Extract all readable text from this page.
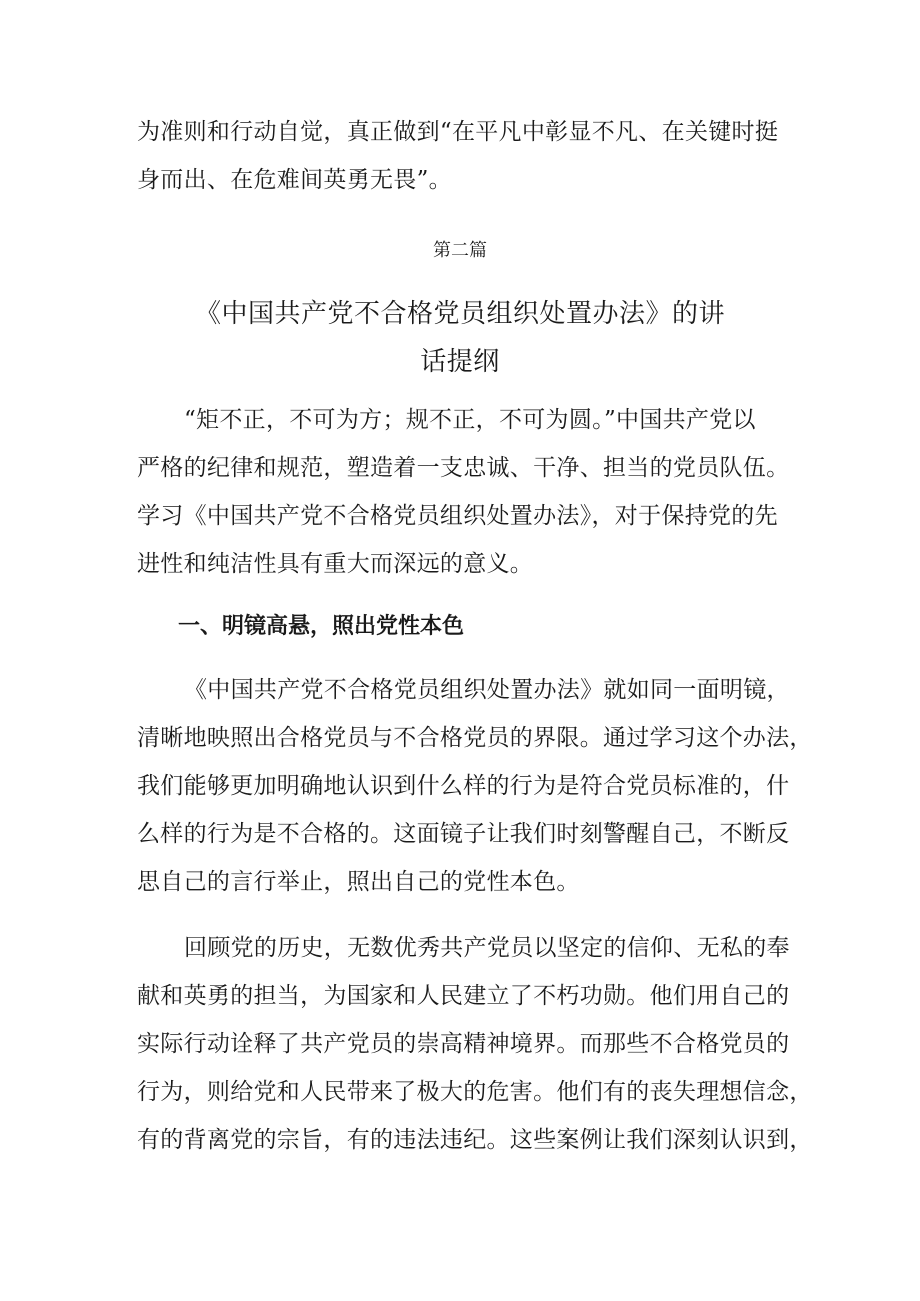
为准则和行动自觉，真正做到“在平凡中彰显不凡、在关键时挺
身而出、在危难间英勇无畏”。
第二篇
《中国共产党不合格党员组织处置办法》的讲
话提纲
“矩不正，不可为方；规不正，不可为圆。”中国共产党以
严格的纪律和规范，塑造着一支忠诚、干净、担当的党员队伍。
学习《中国共产党不合格党员组织处置办法》，对于保持党的先
进性和纯洁性具有重大而深远的意义。
一、明镜高悬，照出党性本色
《中国共产党不合格党员组织处置办法》就如同一面明镜，
清晰地映照出合格党员与不合格党员的界限。通过学习这个办法，
我们能够更加明确地认识到什么样的行为是符合党员标准的，什
么样的行为是不合格的。这面镜子让我们时刻警醒自己，不断反
思自己的言行举止，照出自己的党性本色。
回顾党的历史，无数优秀共产党员以坚定的信仰、无私的奉
献和英勇的担当，为国家和人民建立了不朽功勋。他们用自己的
实际行动诠释了共产党员的崇高精神境界。而那些不合格党员的
行为，则给党和人民带来了极大的危害。他们有的丧失理想信念，
有的背离党的宗旨，有的违法违纪。这些案例让我们深刻认识到，
